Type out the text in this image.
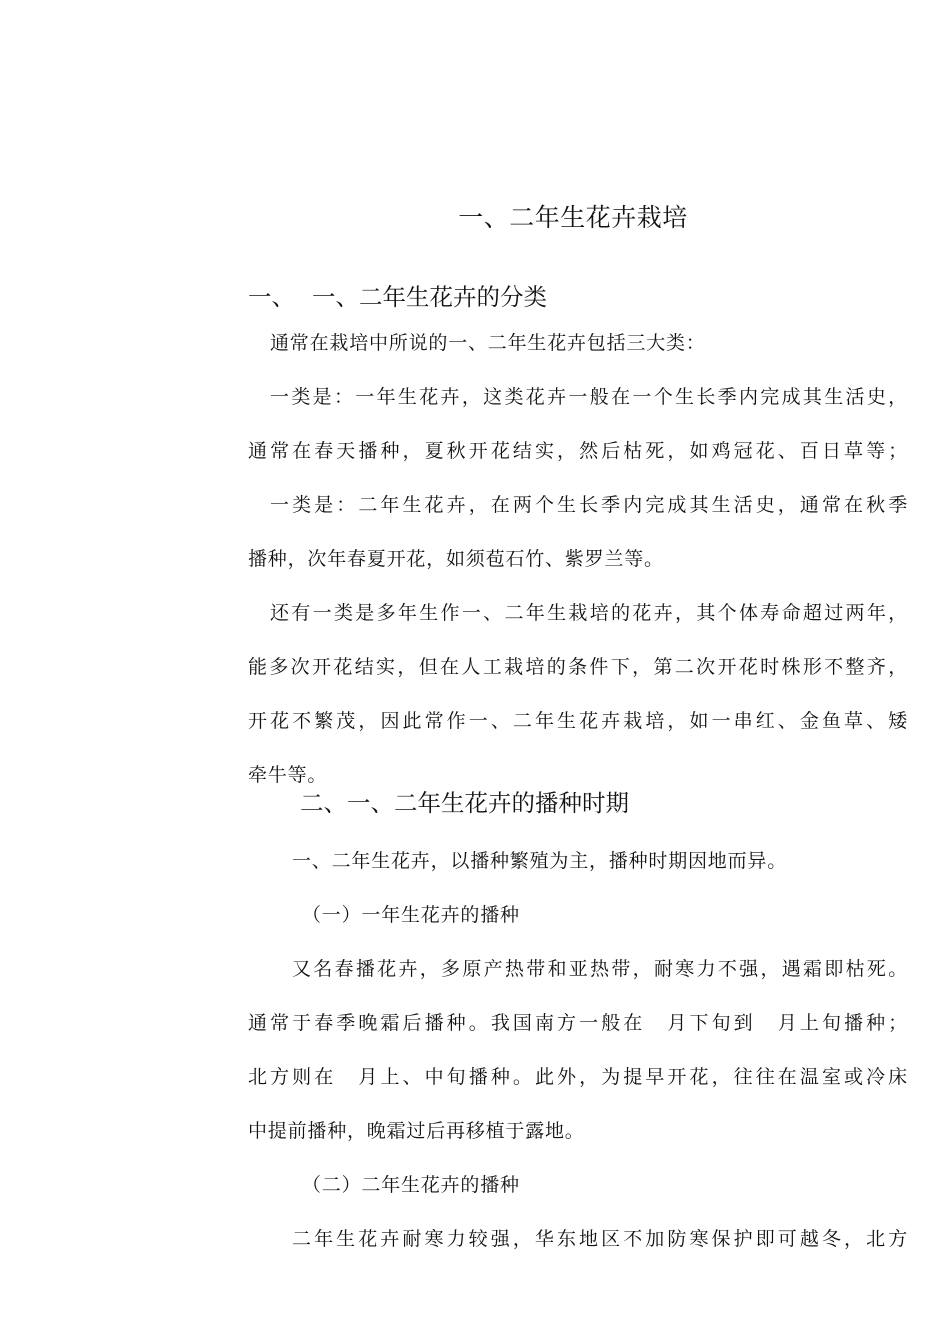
一、二年生花卉栽培
一、 一、二年生花卉的分类
通常在栽培中所说的一、二年生花卉包括三大类：
一类是：一年生花卉，这类花卉一般在一个生长季内完成其生活史，
通常在春天播种，夏秋开花结实，然后枯死，如鸡冠花、百日草等；
一类是：二年生花卉，在两个生长季内完成其生活史，通常在秋季
播种，次年春夏开花，如须苞石竹、紫罗兰等。
还有一类是多年生作一、二年生栽培的花卉，其个体寿命超过两年，
能多次开花结实，但在人工栽培的条件下，第二次开花时株形不整齐，
开花不繁茂，因此常作一、二年生花卉栽培，如一串红、金鱼草、矮
牵牛等。
二、一、二年生花卉的播种时期
一、二年生花卉，以播种繁殖为主，播种时期因地而异。
（一）一年生花卉的播种
又名春播花卉，多原产热带和亚热带，耐寒力不强，遇霜即枯死。
通常于春季晚霜后播种。我国南方一般在　月下旬到　月上旬播种；
北方则在　月上、中旬播种。此外，为提早开花，往往在温室或冷床
中提前播种，晚霜过后再移植于露地。
（二）二年生花卉的播种
二年生花卉耐寒力较强，华东地区不加防寒保护即可越冬，北方
